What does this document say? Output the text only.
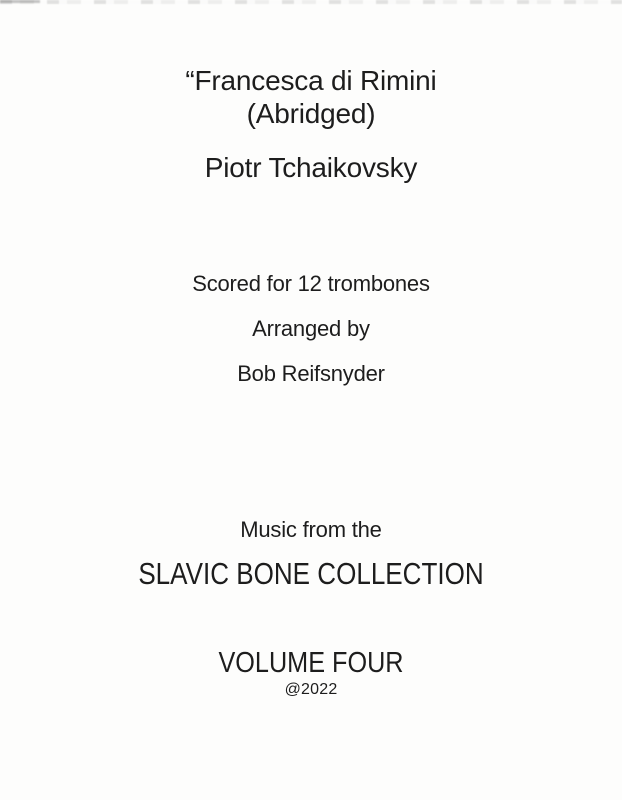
“Francesca di Rimini
(Abridged)
Piotr Tchaikovsky
Scored for 12 trombones
Arranged by
Bob Reifsnyder
Music from the
SLAVIC BONE COLLECTION
VOLUME FOUR
@2022
